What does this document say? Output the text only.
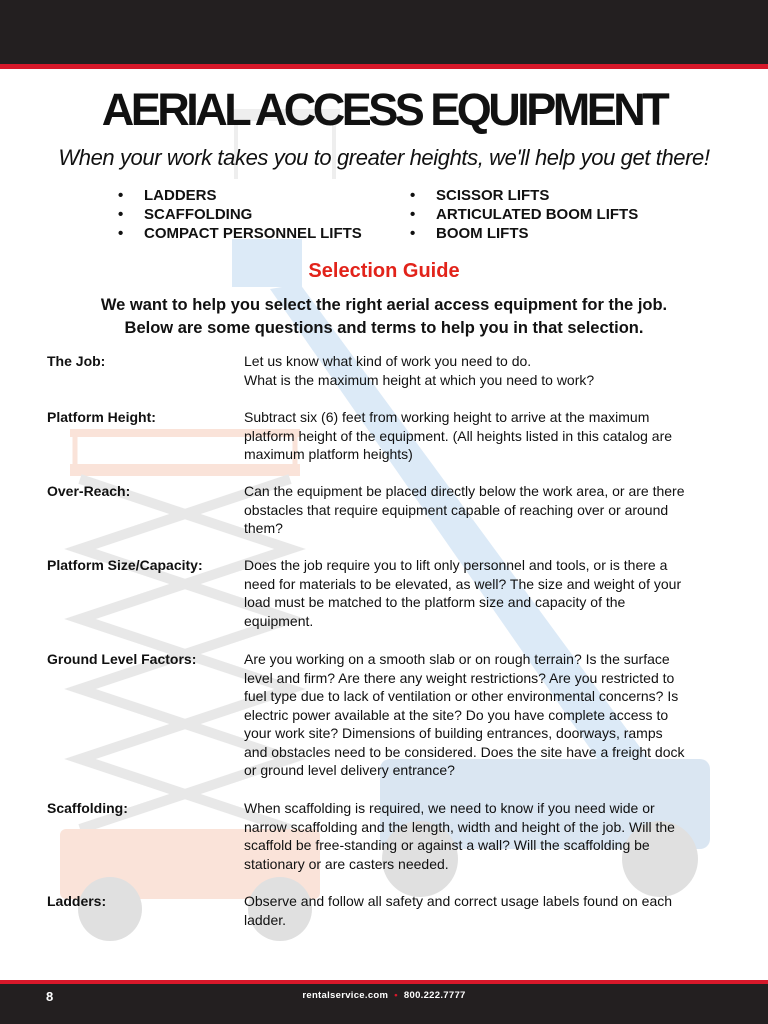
AERIAL ACCESS EQUIPMENT
When your work takes you to greater heights, we'll help you get there!
• LADDERS
• SCAFFOLDING
• COMPACT PERSONNEL LIFTS
• SCISSOR LIFTS
• ARTICULATED BOOM LIFTS
• BOOM LIFTS
Selection Guide
We want to help you select the right aerial access equipment for the job.
Below are some questions and terms to help you in that selection.
The Job:	Let us know what kind of work you need to do.
What is the maximum height at which you need to work?
Platform Height:	Subtract six (6) feet from working height to arrive at the maximum
platform height of the equipment. (All heights listed in this catalog are
maximum platform heights)
Over-Reach:	Can the equipment be placed directly below the work area, or are there
obstacles that require equipment capable of reaching over or around
them?
Platform Size/Capacity:	Does the job require you to lift only personnel and tools, or is there a
need for materials to be elevated, as well? The size and weight of your
load must be matched to the platform size and capacity of the
equipment.
Ground Level Factors:	Are you working on a smooth slab or on rough terrain? Is the surface
level and firm? Are there any weight restrictions? Are you restricted to
fuel type due to lack of ventilation or other environmental concerns? Is
electric power available at the site? Do you have complete access to
your work site? Dimensions of building entrances, doorways, ramps
and obstacles need to be considered. Does the site have a freight dock
or ground level delivery entrance?
Scaffolding:	When scaffolding is required, we need to know if you need wide or
narrow scaffolding and the length, width and height of the job. Will the
scaffold be free-standing or against a wall? Will the scaffolding be
stationary or are casters needed.
Ladders:	Observe and follow all safety and correct usage labels found on each
ladder.
8	rentalservice.com • 800.222.7777
